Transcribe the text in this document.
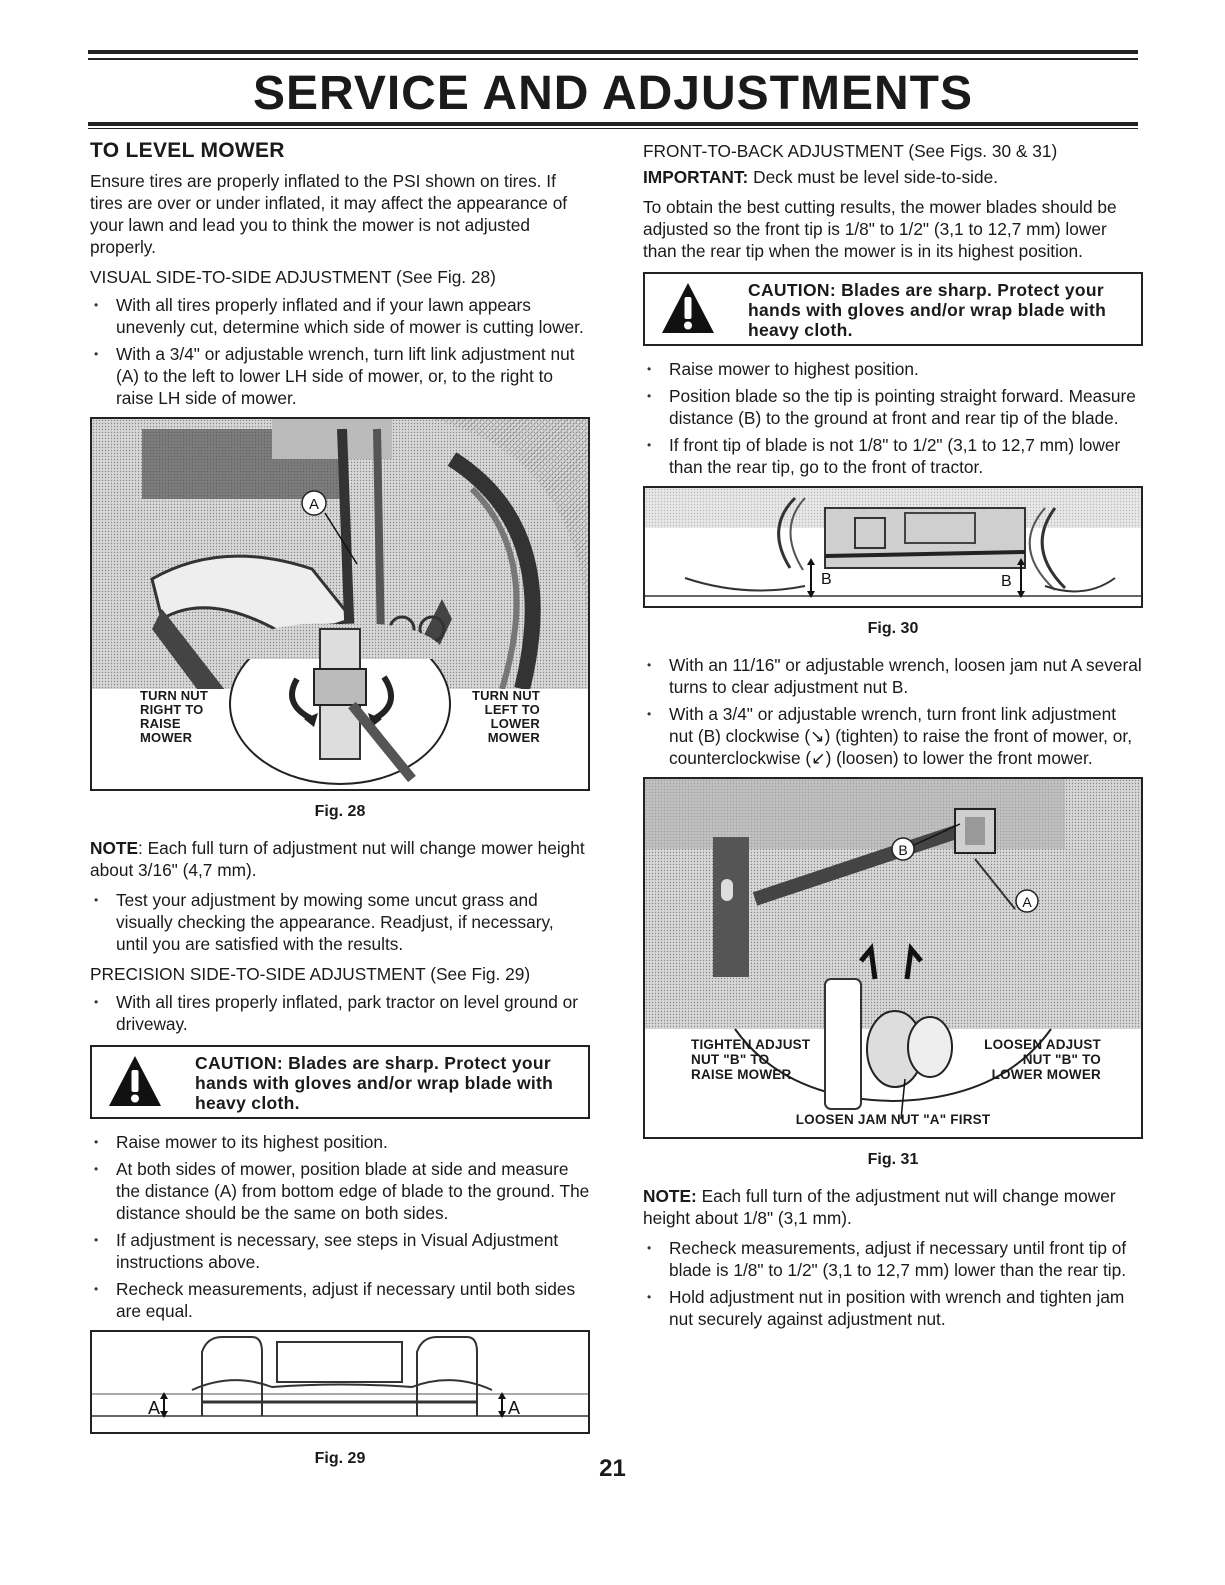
SERVICE AND ADJUSTMENTS
TO LEVEL MOWER

Ensure tires are properly inflated to the PSI shown on tires. If tires are over or under inflated, it may affect the appearance of your lawn and lead you to think the mower is not adjusted properly.

VISUAL SIDE-TO-SIDE ADJUSTMENT (See Fig. 28)

• With all tires properly inflated and if your lawn appears unevenly cut, determine which side of mower is cutting lower.
• With a 3/4" or adjustable wrench, turn lift link adjustment nut (A) to the left to lower LH side of mower, or, to the right to raise LH side of mower.
A
TURN NUT
RIGHT TO
RAISE
MOWER
TURN NUT
LEFT TO
LOWER
MOWER
Fig. 28

NOTE: Each full turn of adjustment nut will change mower height about 3/16" (4,7 mm).

• Test your adjustment by mowing some uncut grass and visually checking the appearance. Readjust, if necessary, until you are satisfied with the results.

PRECISION SIDE-TO-SIDE ADJUSTMENT (See Fig. 29)

• With all tires properly inflated, park tractor on level ground or driveway.
CAUTION: Blades are sharp. Protect your hands with gloves and/or wrap blade with heavy cloth.
• Raise mower to its highest position.
• At both sides of mower, position blade at side and measure the distance (A) from bottom edge of blade to the ground. The distance should be the same on both sides.
• If adjustment is necessary, see steps in Visual Adjustment instructions above.
• Recheck measurements, adjust if necessary until both sides are equal.
A	A
Fig. 29

FRONT-TO-BACK ADJUSTMENT (See Figs. 30 & 31)

IMPORTANT: Deck must be level side-to-side.

To obtain the best cutting results, the mower blades should be adjusted so the front tip is 1/8" to 1/2" (3,1 to 12,7 mm) lower than the rear tip when the mower is in its highest position.

CAUTION: Blades are sharp. Protect your hands with gloves and/or wrap blade with heavy cloth.
• Raise mower to highest position.
• Position blade so the tip is pointing straight forward. Measure distance (B) to the ground at front and rear tip of the blade.
• If front tip of blade is not 1/8" to 1/2" (3,1 to 12,7 mm) lower than the rear tip, go to the front of tractor.
B	B
Fig. 30
• With an 11/16" or adjustable wrench, loosen jam nut A several turns to clear adjustment nut B.
• With a 3/4" or adjustable wrench, turn front link adjustment nut (B) clockwise (↘) (tighten) to raise the front of mower, or, counterclockwise (↙) (loosen) to lower the front mower.
B
A
TIGHTEN ADJUST
NUT "B" TO
RAISE MOWER
LOOSEN ADJUST
NUT "B" TO
LOWER MOWER
LOOSEN JAM NUT "A" FIRST
Fig. 31

NOTE: Each full turn of the adjustment nut will change mower height about 1/8" (3,1 mm).

• Recheck measurements, adjust if necessary until front tip of blade is 1/8" to 1/2" (3,1 to 12,7 mm) lower than the rear tip.
• Hold adjustment nut in position with wrench and tighten jam nut securely against adjustment nut.
21
